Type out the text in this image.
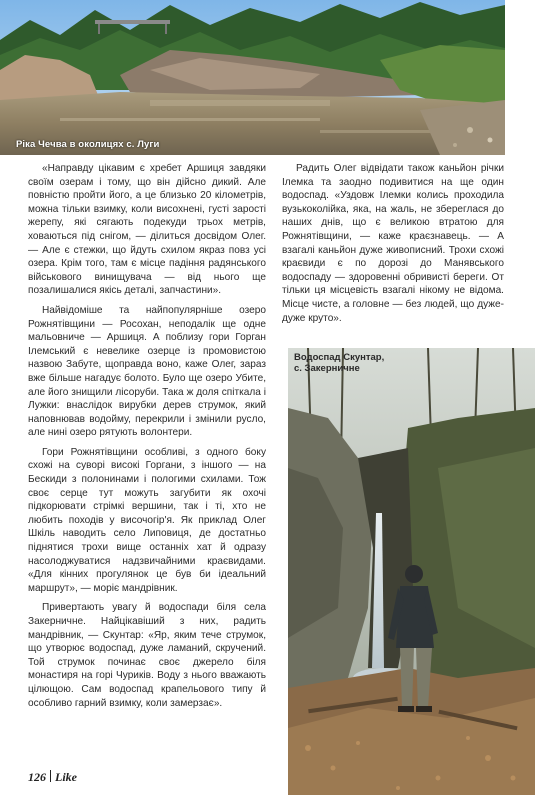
Ріка Чечва в околицях с. Луги

«Направду цікавим є хребет Аршиця завдяки своїм озерам і тому, що він дійсно дикий. Але повністю пройти його, а це близько 20 кілометрів, можна тільки взимку, коли висохнені, густі зарості жерепу, які сягають подекуди трьох метрів, ховаються під снігом, — ділиться досвідом Олег. — Але є стежки, що йдуть схилом якраз повз усі озера. Крім того, там є місце падіння радянського військового винищувача — від нього ще позалишалися якісь деталі, запчастини».

Найвідоміше та найпопулярніше озеро Рожнятівщини — Росохан, неподалік ще одне мальовниче — Аршиця. А поблизу гори Горган Ілемський є невелике озерце із промовистою назвою Забуте, щоправда воно, каже Олег, зараз вже більше нагадує болото. Було ще озеро Убите, але його знищили лісоруби. Така ж доля спіткала і Лужки: внаслідок вирубки дерев струмок, який наповнював водойму, перекрили і змінили русло, але нині озеро рятують волонтери.

Гори Рожнятівщини особливі, з одного боку схожі на суворі високі Горгани, з іншого — на Бескиди з полонинами і пологими схилами. Тож своє серце тут можуть загубити як охочі підкорювати стрімкі вершини, так і ті, хто не любить походів у височогір'я. Як приклад Олег Шкіль наводить село Липовиця, де достатньо піднятися трохи вище останніх хат й одразу насолоджуватися надзвичайними краєвидами. «Для кінних прогулянок це був би ідеальний маршрут», — моріє мандрівник.

Привертають увагу й водоспади біля села Закерничне. Найцікавіший з них, радить мандрівник, — Скунтар: «Яр, яким тече струмок, що утворює водоспад, дуже ламаний, скручений. Той струмок починає своє джерело біля монастиря на горі Чуриків. Воду з нього вважають цілющою. Сам водоспад крапельового типу й особливо гарний взимку, коли замерзає».

Радить Олег відвідати також каньйон річки Ілемка та заодно подивитися на ще один водоспад. «Уздовж Ілемки колись проходила вузькоколійка, яка, на жаль, не збереглася до наших днів, що є великою втратою для Рожнятівщини, — каже краєзнавець. — А взагалі каньйон дуже живописний. Трохи схожі краєвиди є по дорозі до Манявського водоспаду — здоровенні обривисті береги. От тільки ця місцевість взагалі нікому не відома. Місце чисте, а головне — без людей, що дуже-дуже круто».

Водоспад Скунтар,
с. Закерничне
126 Like
